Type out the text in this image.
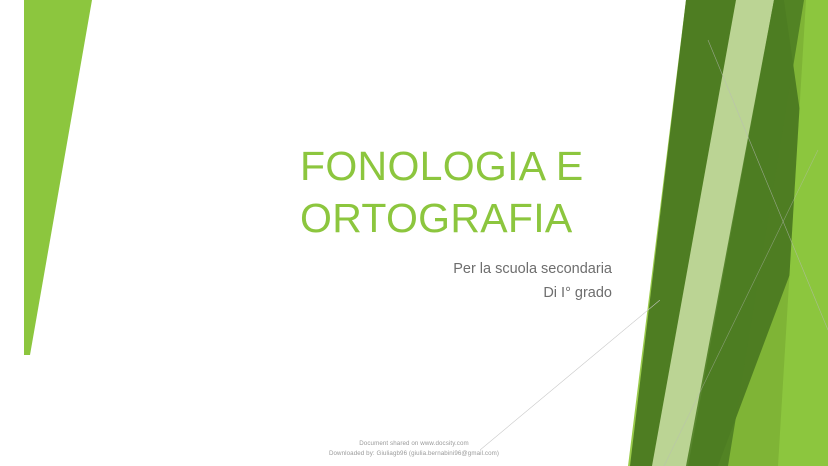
FONOLOGIA E ORTOGRAFIA

Per la scuola secondaria

Di I° grado

Document shared on www.docsity.com
Downloaded by: Giuliagb96 (giulia.bernabini96@gmail.com)
